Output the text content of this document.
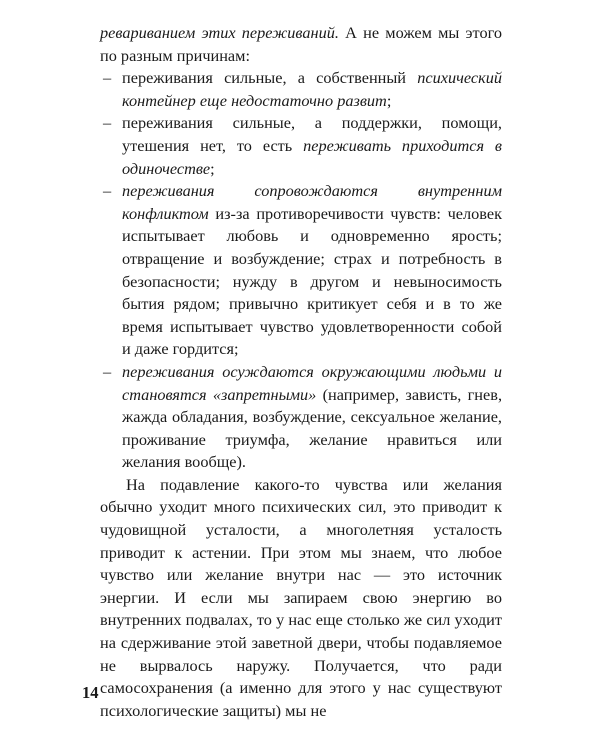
ревариванием этих переживаний. А не можем мы этого по разным причинам:

– переживания сильные, а собственный психический контейнер еще недостаточно развит;
– переживания сильные, а поддержки, помощи, утешения нет, то есть переживать приходится в одиночестве;
– переживания сопровождаются внутренним конфликтом из-за противоречивости чувств: человек испытывает любовь и одновременно ярость; отвращение и возбуждение; страх и потребность в безопасности; нужду в другом и невыносимость бытия рядом; привычно критикует себя и в то же время испытывает чувство удовлетворенности собой и даже гордится;
– переживания осуждаются окружающими людьми и становятся «запретными» (например, зависть, гнев, жажда обладания, возбуждение, сексуальное желание, проживание триумфа, желание нравиться или желания вообще).

На подавление какого-то чувства или желания обычно уходит много психических сил, это приводит к чудовищной усталости, а многолетняя усталость приводит к астении. При этом мы знаем, что любое чувство или желание внутри нас — это источник энергии. И если мы запираем свою энергию во внутренних подвалах, то у нас еще столько же сил уходит на сдерживание этой заветной двери, чтобы подавляемое не вырвалось наружу. Получается, что ради самосохранения (а именно для этого у нас существуют психологические защиты) мы не

14
